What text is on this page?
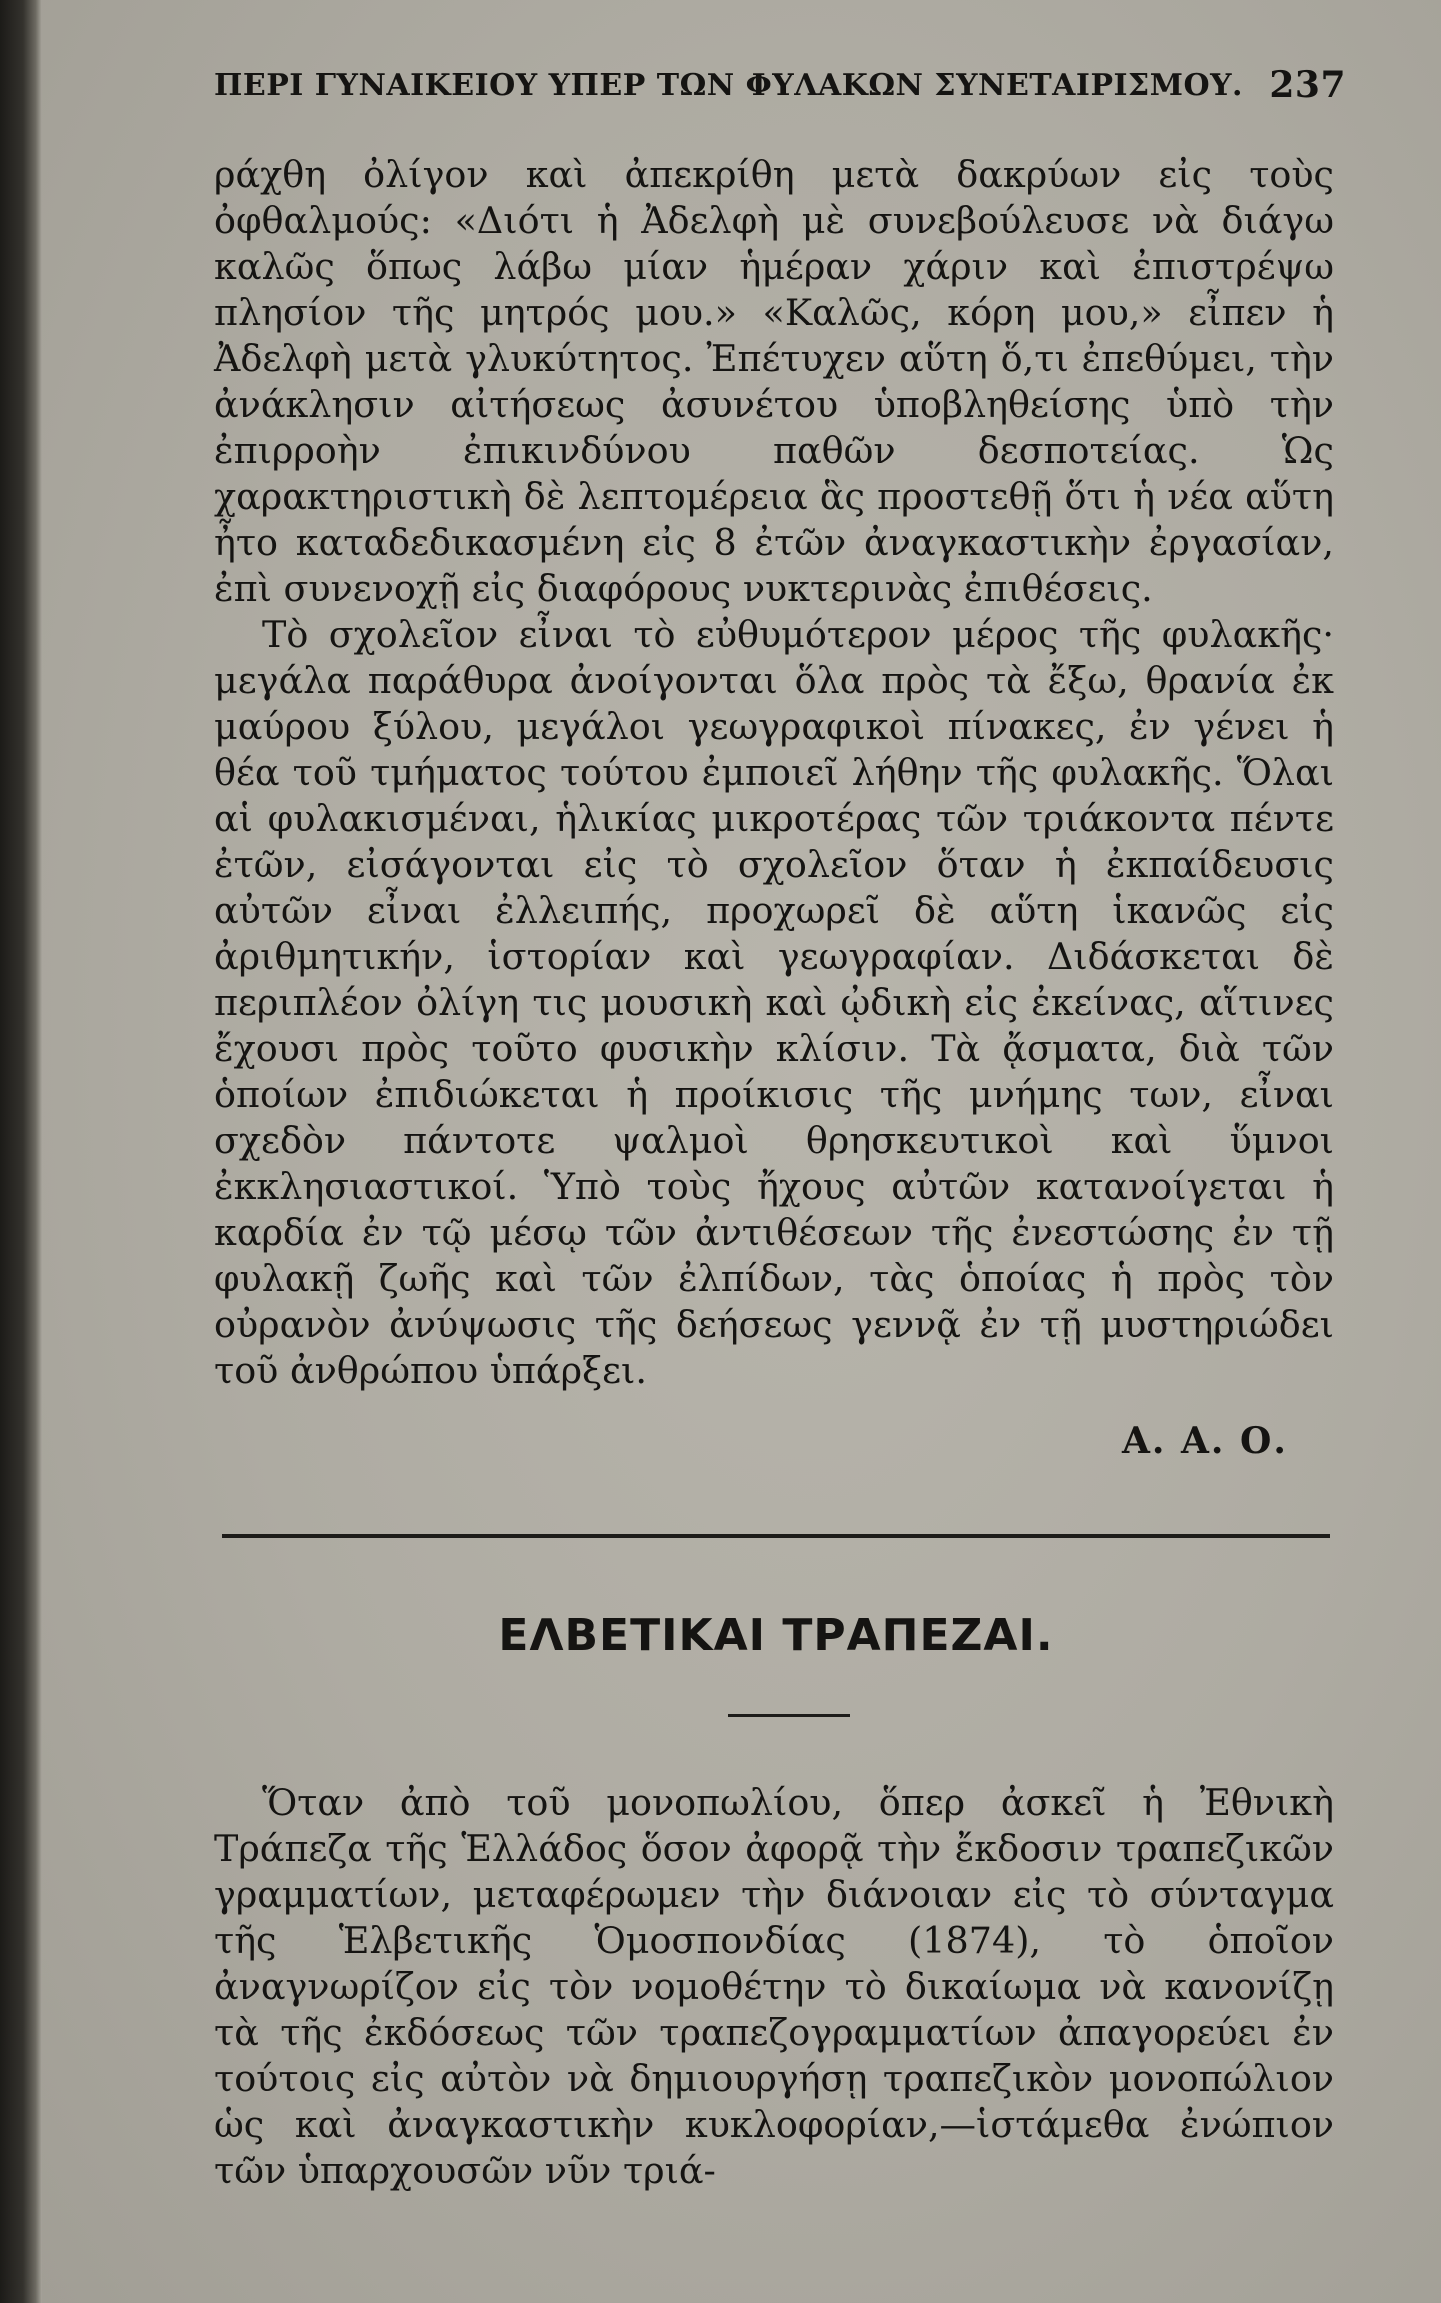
ΠΕΡΙ ΓΥΝΑΙΚΕΙΟΥ ΥΠΕΡ ΤΩΝ ΦΥΛΑΚΩΝ ΣΥΝΕΤΑΙΡΙΣΜΟΥ. 237

ράχθη ὀλίγον καὶ ἀπεκρίθη μετὰ δακρύων εἰς τοὺς ὀφθαλμούς: «Διότι ἡ Ἀδελφὴ μὲ συνεβούλευσε νὰ διάγω καλῶς ὅπως λάβω μίαν ἡμέραν χάριν καὶ ἐπιστρέψω πλησίον τῆς μητρός μου.» «Καλῶς, κόρη μου,» εἶπεν ἡ Ἀδελφὴ μετὰ γλυκύτητος. Ἐπέτυχεν αὕτη ὅ,τι ἐπεθύμει, τὴν ἀνάκλησιν αἰτήσεως ἀσυνέτου ὑποβληθείσης ὑπὸ τὴν ἐπιρροὴν ἐπικινδύνου παθῶν δεσποτείας. Ὡς χαρακτηριστικὴ δὲ λεπτομέρεια ἃς προστεθῇ ὅτι ἡ νέα αὕτη ἦτο καταδεδικασμένη εἰς 8 ἐτῶν ἀναγκαστικὴν ἐργασίαν, ἐπὶ συνενοχῇ εἰς διαφόρους νυκτερινὰς ἐπιθέσεις.

Τὸ σχολεῖον εἶναι τὸ εὐθυμότερον μέρος τῆς φυλακῆς· μεγάλα παράθυρα ἀνοίγονται ὅλα πρὸς τὰ ἔξω, θρανία ἐκ μαύρου ξύλου, μεγάλοι γεωγραφικοὶ πίνακες, ἐν γένει ἡ θέα τοῦ τμήματος τούτου ἐμποιεῖ λήθην τῆς φυλακῆς. Ὅλαι αἱ φυλακισμέναι, ἡλικίας μικροτέρας τῶν τριάκοντα πέντε ἐτῶν, εἰσάγονται εἰς τὸ σχολεῖον ὅταν ἡ ἐκπαίδευσις αὐτῶν εἶναι ἐλλειπής, προχωρεῖ δὲ αὕτη ἱκανῶς εἰς ἀριθμητικήν, ἱστορίαν καὶ γεωγραφίαν. Διδάσκεται δὲ περιπλέον ὀλίγη τις μουσικὴ καὶ ᾠδικὴ εἰς ἐκείνας, αἵτινες ἔχουσι πρὸς τοῦτο φυσικὴν κλίσιν. Τὰ ᾄσματα, διὰ τῶν ὁποίων ἐπιδιώκεται ἡ προίκισις τῆς μνήμης των, εἶναι σχεδὸν πάντοτε ψαλμοὶ θρησκευτικοὶ καὶ ὕμνοι ἐκκλησιαστικοί. Ὑπὸ τοὺς ἤχους αὐτῶν κατανοίγεται ἡ καρδία ἐν τῷ μέσῳ τῶν ἀντιθέσεων τῆς ἐνεστώσης ἐν τῇ φυλακῇ ζωῆς καὶ τῶν ἐλπίδων, τὰς ὁποίας ἡ πρὸς τὸν οὐρανὸν ἀνύψωσις τῆς δεήσεως γεννᾷ ἐν τῇ μυστηριώδει τοῦ ἀνθρώπου ὑπάρξει.

Α. Α. Ο.
ΕΛΒΕΤΙΚΑΙ ΤΡΑΠΕΖΑΙ.

Ὅταν ἀπὸ τοῦ μονοπωλίου, ὅπερ ἀσκεῖ ἡ Ἐθνικὴ Τράπεζα τῆς Ἑλλάδος ὅσον ἀφορᾷ τὴν ἔκδοσιν τραπεζικῶν γραμματίων, μεταφέρωμεν τὴν διάνοιαν εἰς τὸ σύνταγμα τῆς Ἑλβετικῆς Ὁμοσπονδίας (1874), τὸ ὁποῖον ἀναγνωρίζον εἰς τὸν νομοθέτην τὸ δικαίωμα νὰ κανονίζῃ τὰ τῆς ἐκδόσεως τῶν τραπεζογραμματίων ἀπαγορεύει ἐν τούτοις εἰς αὐτὸν νὰ δημιουργήσῃ τραπεζικὸν μονοπώλιον ὡς καὶ ἀναγκαστικὴν κυκλοφορίαν,—ἱστάμεθα ἐνώπιον τῶν ὑπαρχουσῶν νῦν τριά-
